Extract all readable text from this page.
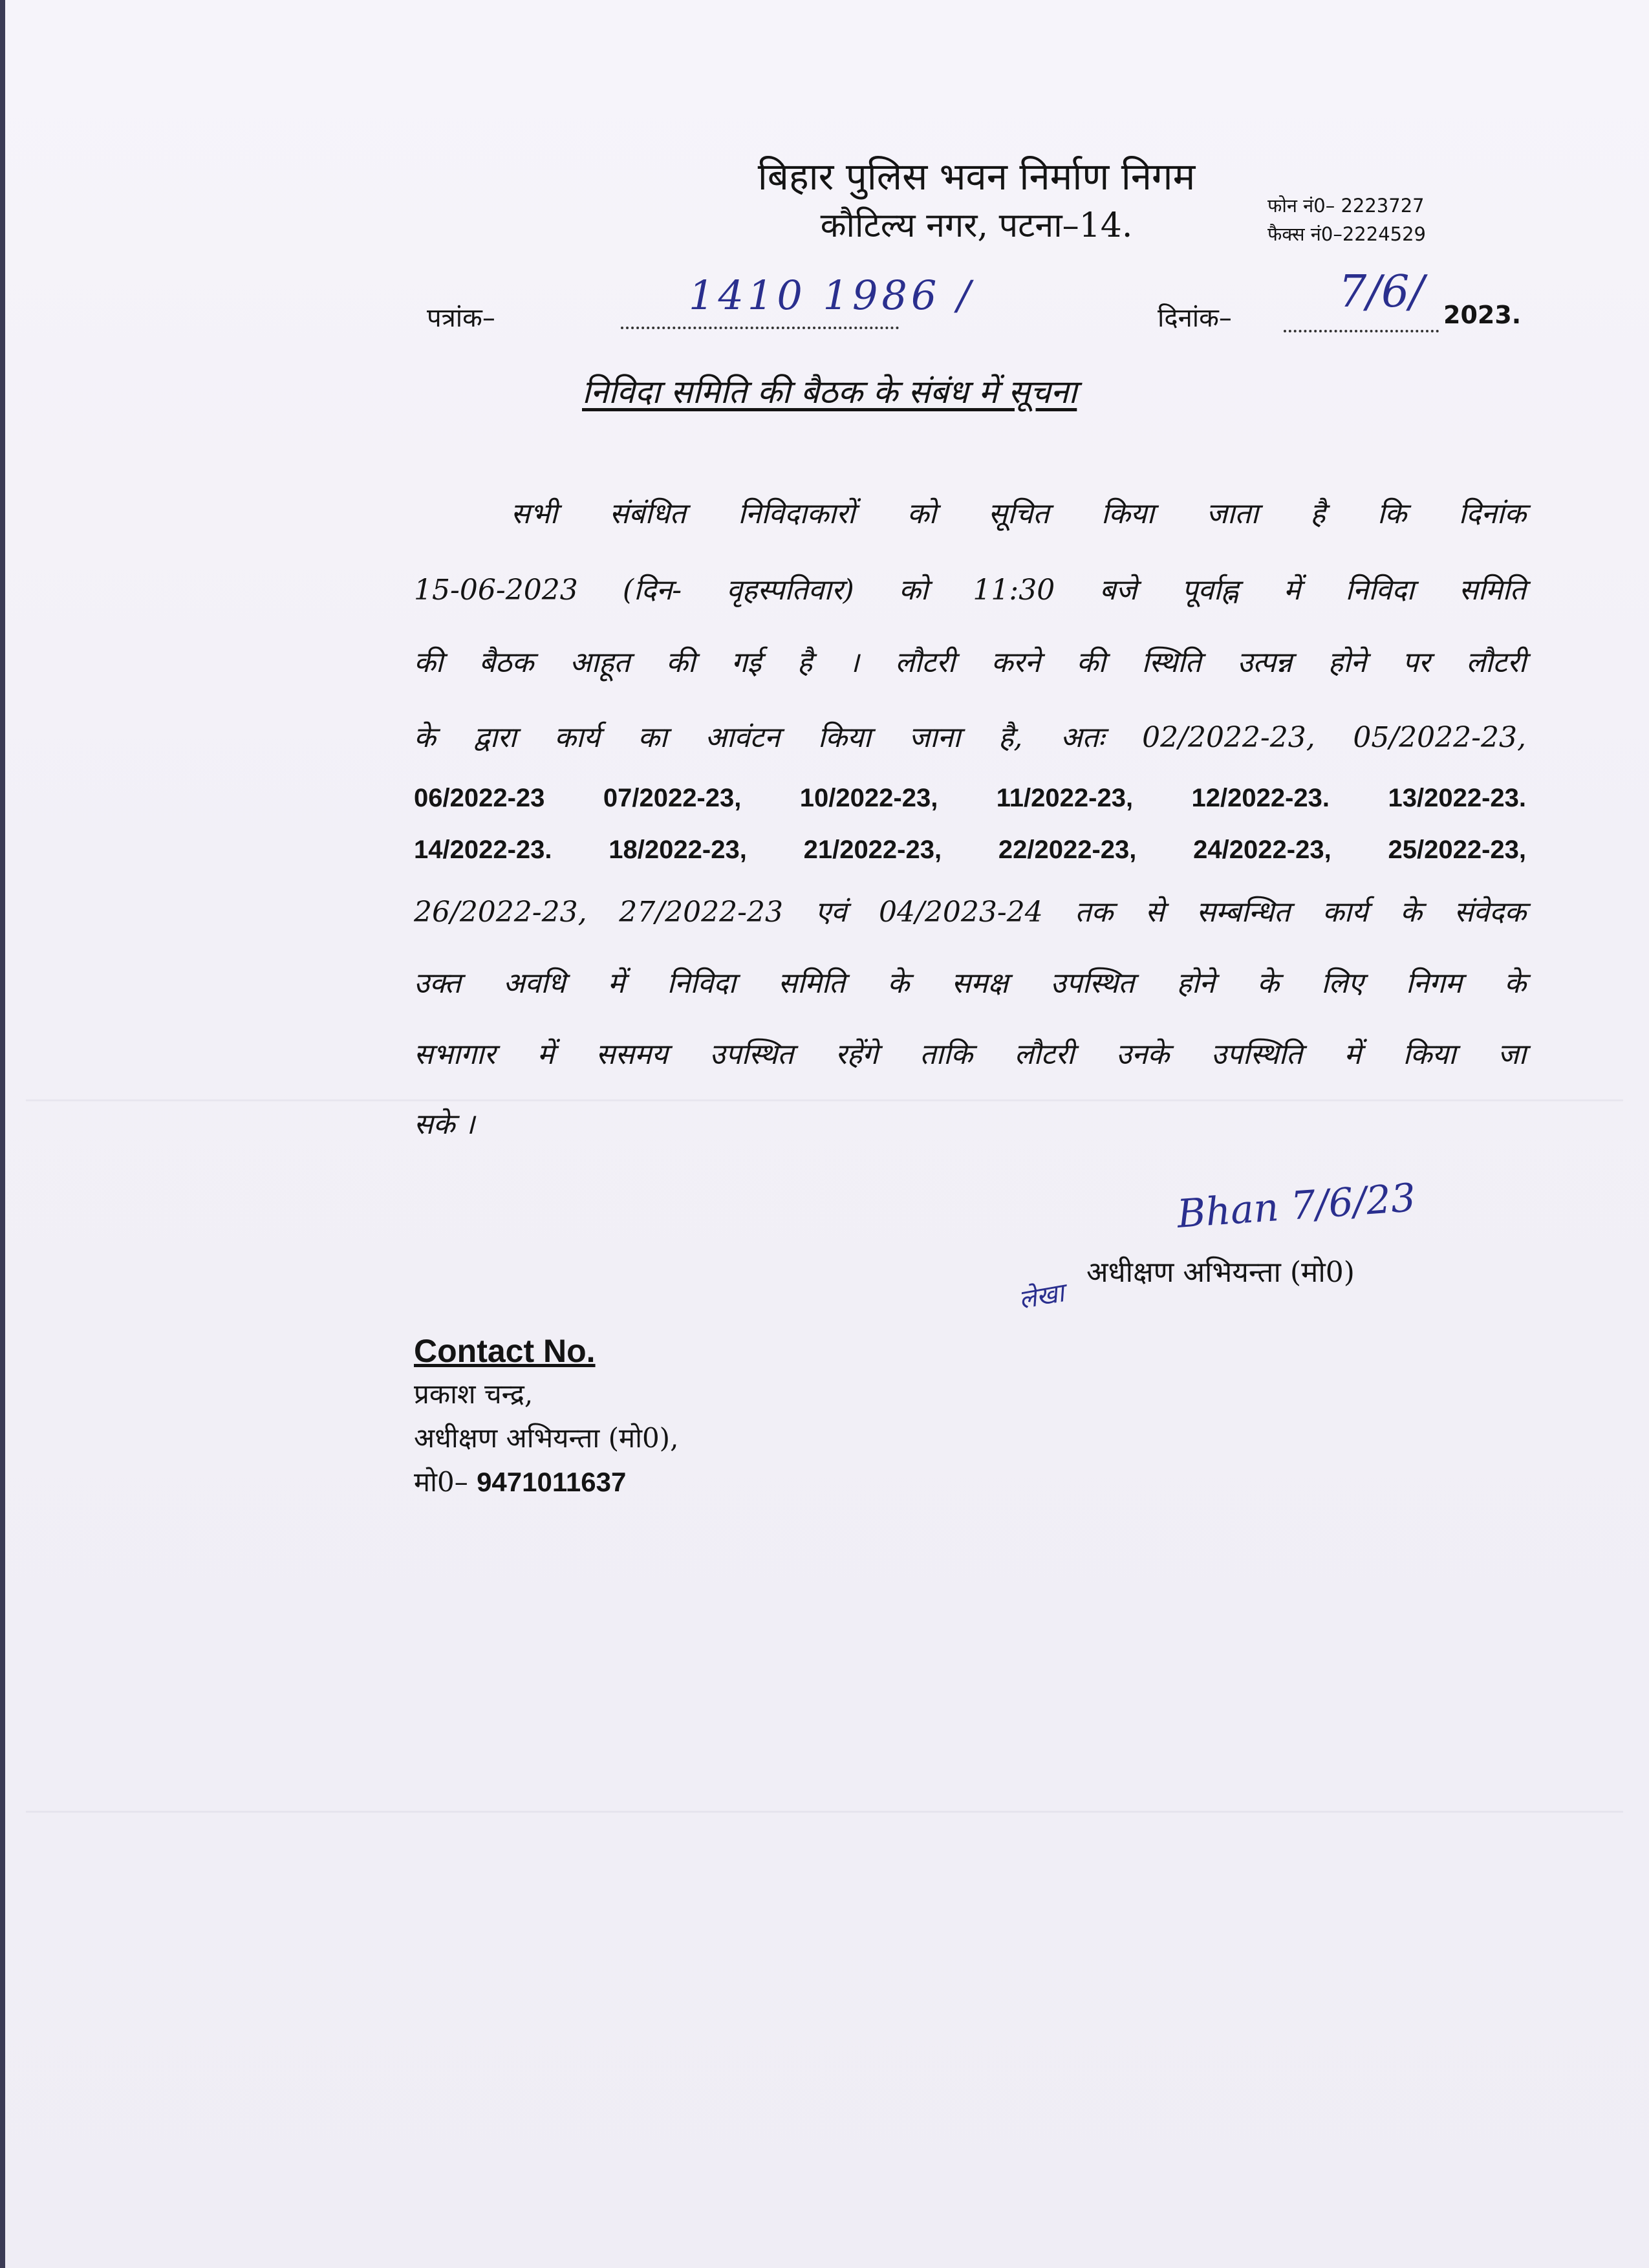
बिहार पुलिस भवन निर्माण निगम
कौटिल्य नगर, पटना–14.
फोन नं0– 2223727
फैक्स नं0–2224529
पत्रांक–	1410 1986 /	दिनांक–
7/6/ 2023.
निविदा समिति की बैठक के संबंध में सूचना
सभी संबंधित निविदाकारों को सूचित किया जाता है कि दिनांक
15-06-2023 (दिन- वृहस्पतिवार) को 11:30 बजे पूर्वाह्न में निविदा समिति
की बैठक आहूत की गई है । लौटरी करने की स्थिति उत्पन्न होने पर लौटरी
के द्वारा कार्य का आवंटन किया जाना है, अतः 02/2022-23, 05/2022-23,
06/2022-23 07/2022-23, 10/2022-23, 11/2022-23, 12/2022-23. 13/2022-23.
14/2022-23. 18/2022-23, 21/2022-23, 22/2022-23, 24/2022-23, 25/2022-23,
26/2022-23, 27/2022-23 एवं 04/2023-24 तक से सम्बन्धित कार्य के संवेदक
उक्त अवधि में निविदा समिति के समक्ष उपस्थित होने के लिए निगम के
सभागार में ससमय उपस्थित रहेंगे ताकि लौटरी उनके उपस्थिति में किया जा
सके ।
Bhan 7/6/23
अधीक्षण अभियन्ता (मो0)
लेखा
Contact No.
प्रकाश चन्द्र,
अधीक्षण अभियन्ता (मो0),
मो0– 9471011637
